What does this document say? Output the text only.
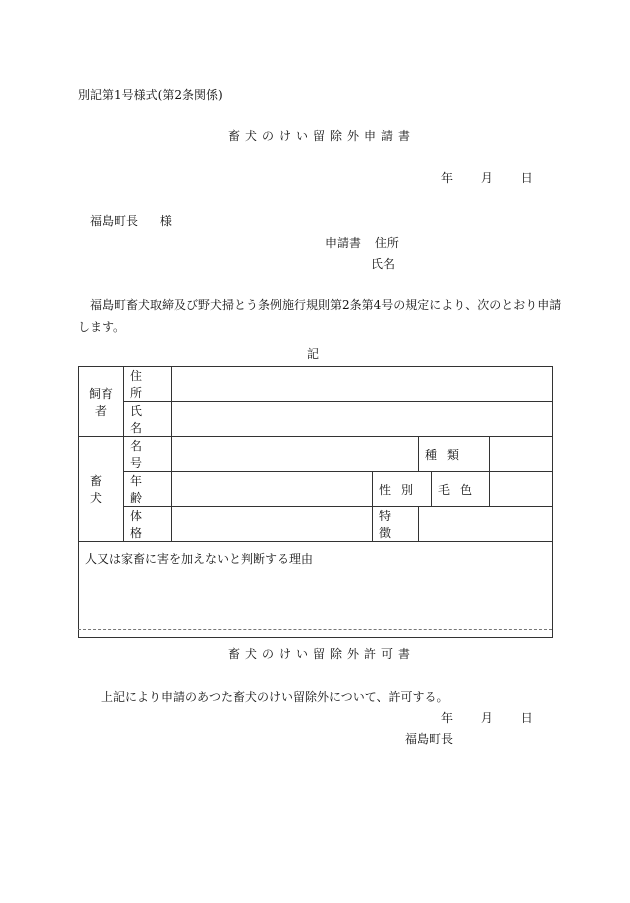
別記第1号様式(第2条関係)
畜犬のけい留除外申請書
年 月 日
福島町長 様
申請書 住所
氏名
福島町畜犬取締及び野犬掃とう条例施行規則第2条第4号の規定により、次のとおり申請
します。
記
飼育者	住所					
	氏名					
畜犬	名号			種類		
	年齢		性別		毛色	
	体格		特徴			
人又は家畜に害を加えないと判断する理由						
畜犬のけい留除外許可書
上記により申請のあつた畜犬のけい留除外について、許可する。
年 月 日
福島町長
